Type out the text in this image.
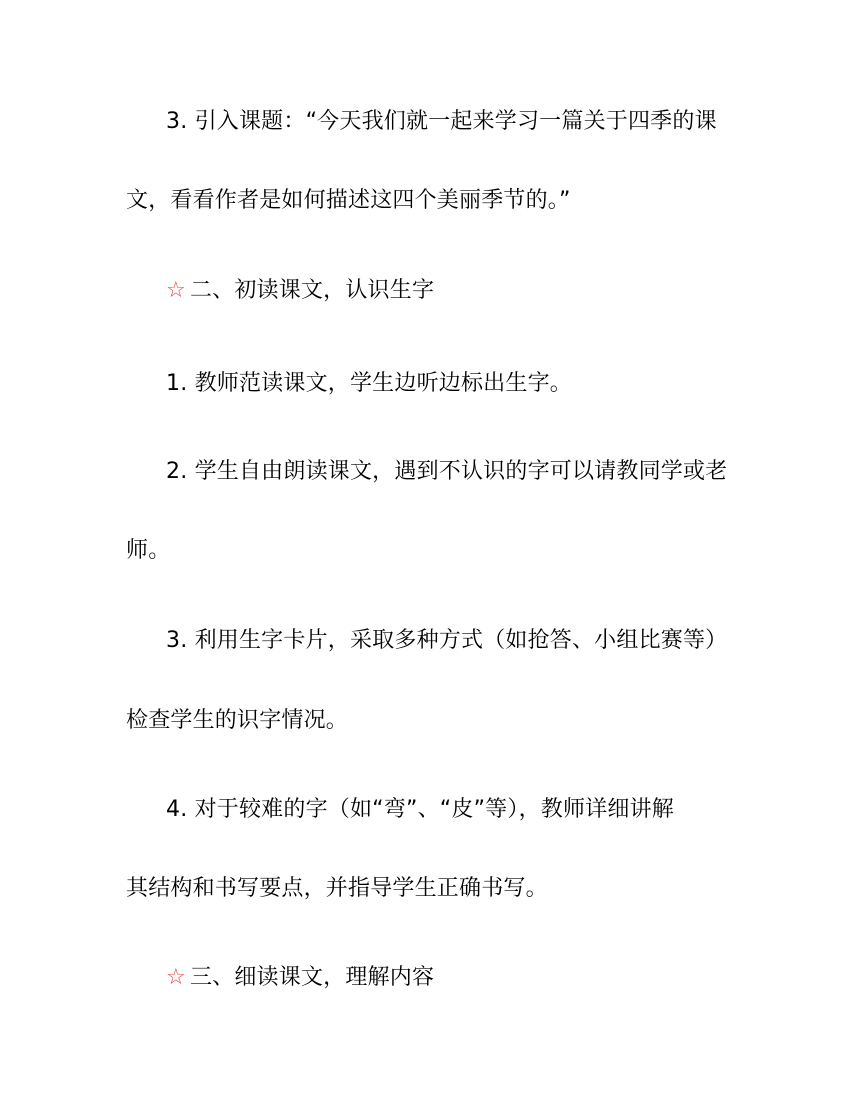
3. 引入课题：“今天我们就一起来学习一篇关于四季的课
文，看看作者是如何描述这四个美丽季节的。”
☆ 二、初读课文，认识生字
1. 教师范读课文，学生边听边标出生字。
2. 学生自由朗读课文，遇到不认识的字可以请教同学或老
师。
3. 利用生字卡片，采取多种方式（如抢答、小组比赛等）
检查学生的识字情况。
4. 对于较难的字（如“弯”、“皮”等），教师详细讲解
其结构和书写要点，并指导学生正确书写。
☆ 三、细读课文，理解内容
